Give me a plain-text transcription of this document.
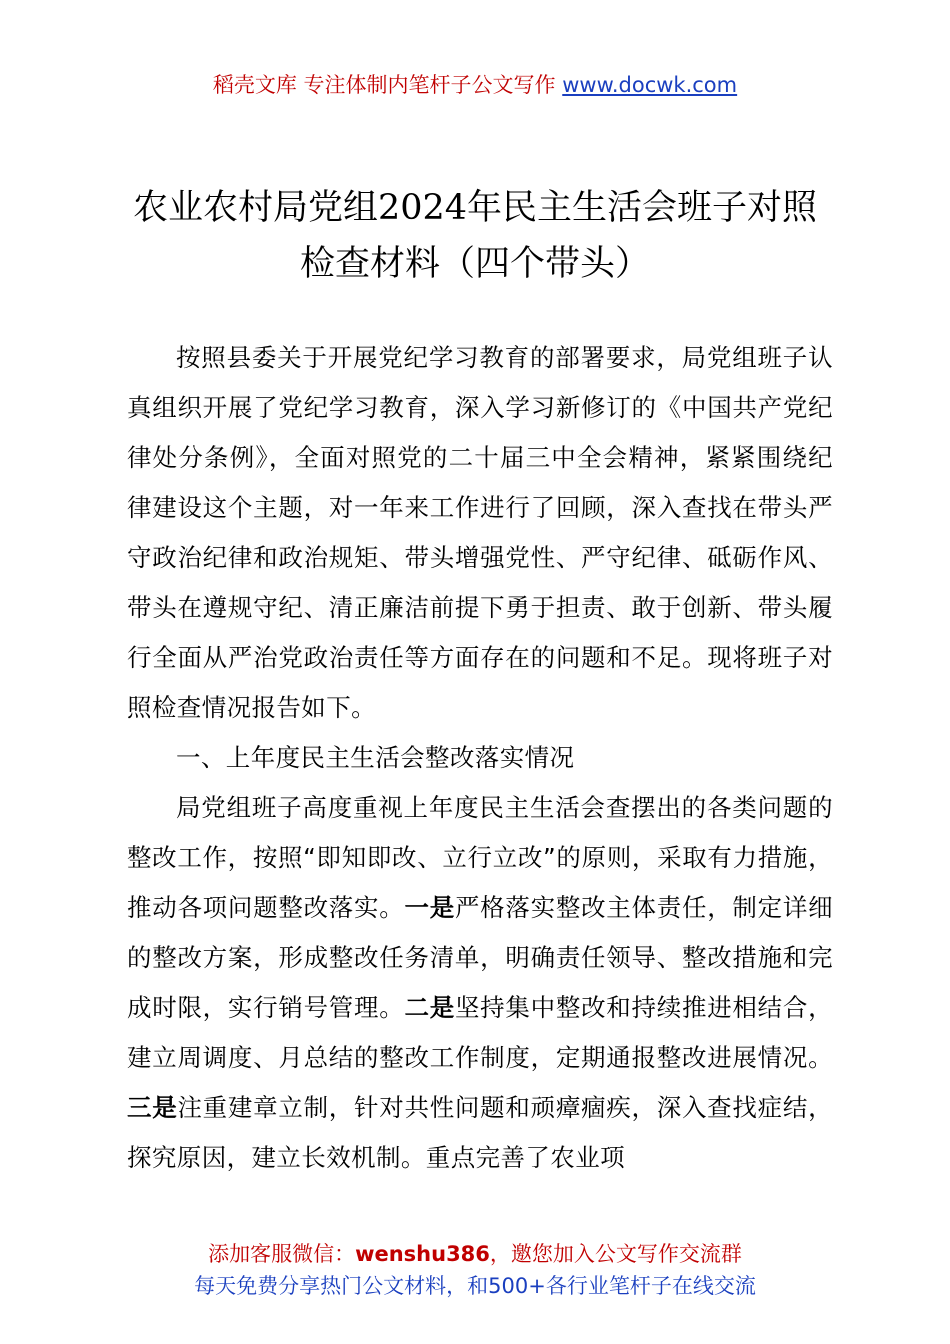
稻壳文库 专注体制内笔杆子公文写作 www.docwk.com
农业农村局党组2024年民主生活会班子对照
检查材料（四个带头）

按照县委关于开展党纪学习教育的部署要求，局党组班子认真组织开展了党纪学习教育，深入学习新修订的《中国共产党纪律处分条例》，全面对照党的二十届三中全会精神，紧紧围绕纪律建设这个主题，对一年来工作进行了回顾，深入查找在带头严守政治纪律和政治规矩、带头增强党性、严守纪律、砥砺作风、带头在遵规守纪、清正廉洁前提下勇于担责、敢于创新、带头履行全面从严治党政治责任等方面存在的问题和不足。现将班子对照检查情况报告如下。

一、上年度民主生活会整改落实情况

局党组班子高度重视上年度民主生活会查摆出的各类问题的整改工作，按照“即知即改、立行立改”的原则，采取有力措施，推动各项问题整改落实。一是严格落实整改主体责任，制定详细的整改方案，形成整改任务清单，明确责任领导、整改措施和完成时限，实行销号管理。二是坚持集中整改和持续推进相结合，建立周调度、月总结的整改工作制度，定期通报整改进展情况。三是注重建章立制，针对共性问题和顽瘴痼疾，深入查找症结，探究原因，建立长效机制。重点完善了农业项

添加客服微信：wenshu386，邀您加入公文写作交流群
每天免费分享热门公文材料，和500+各行业笔杆子在线交流
